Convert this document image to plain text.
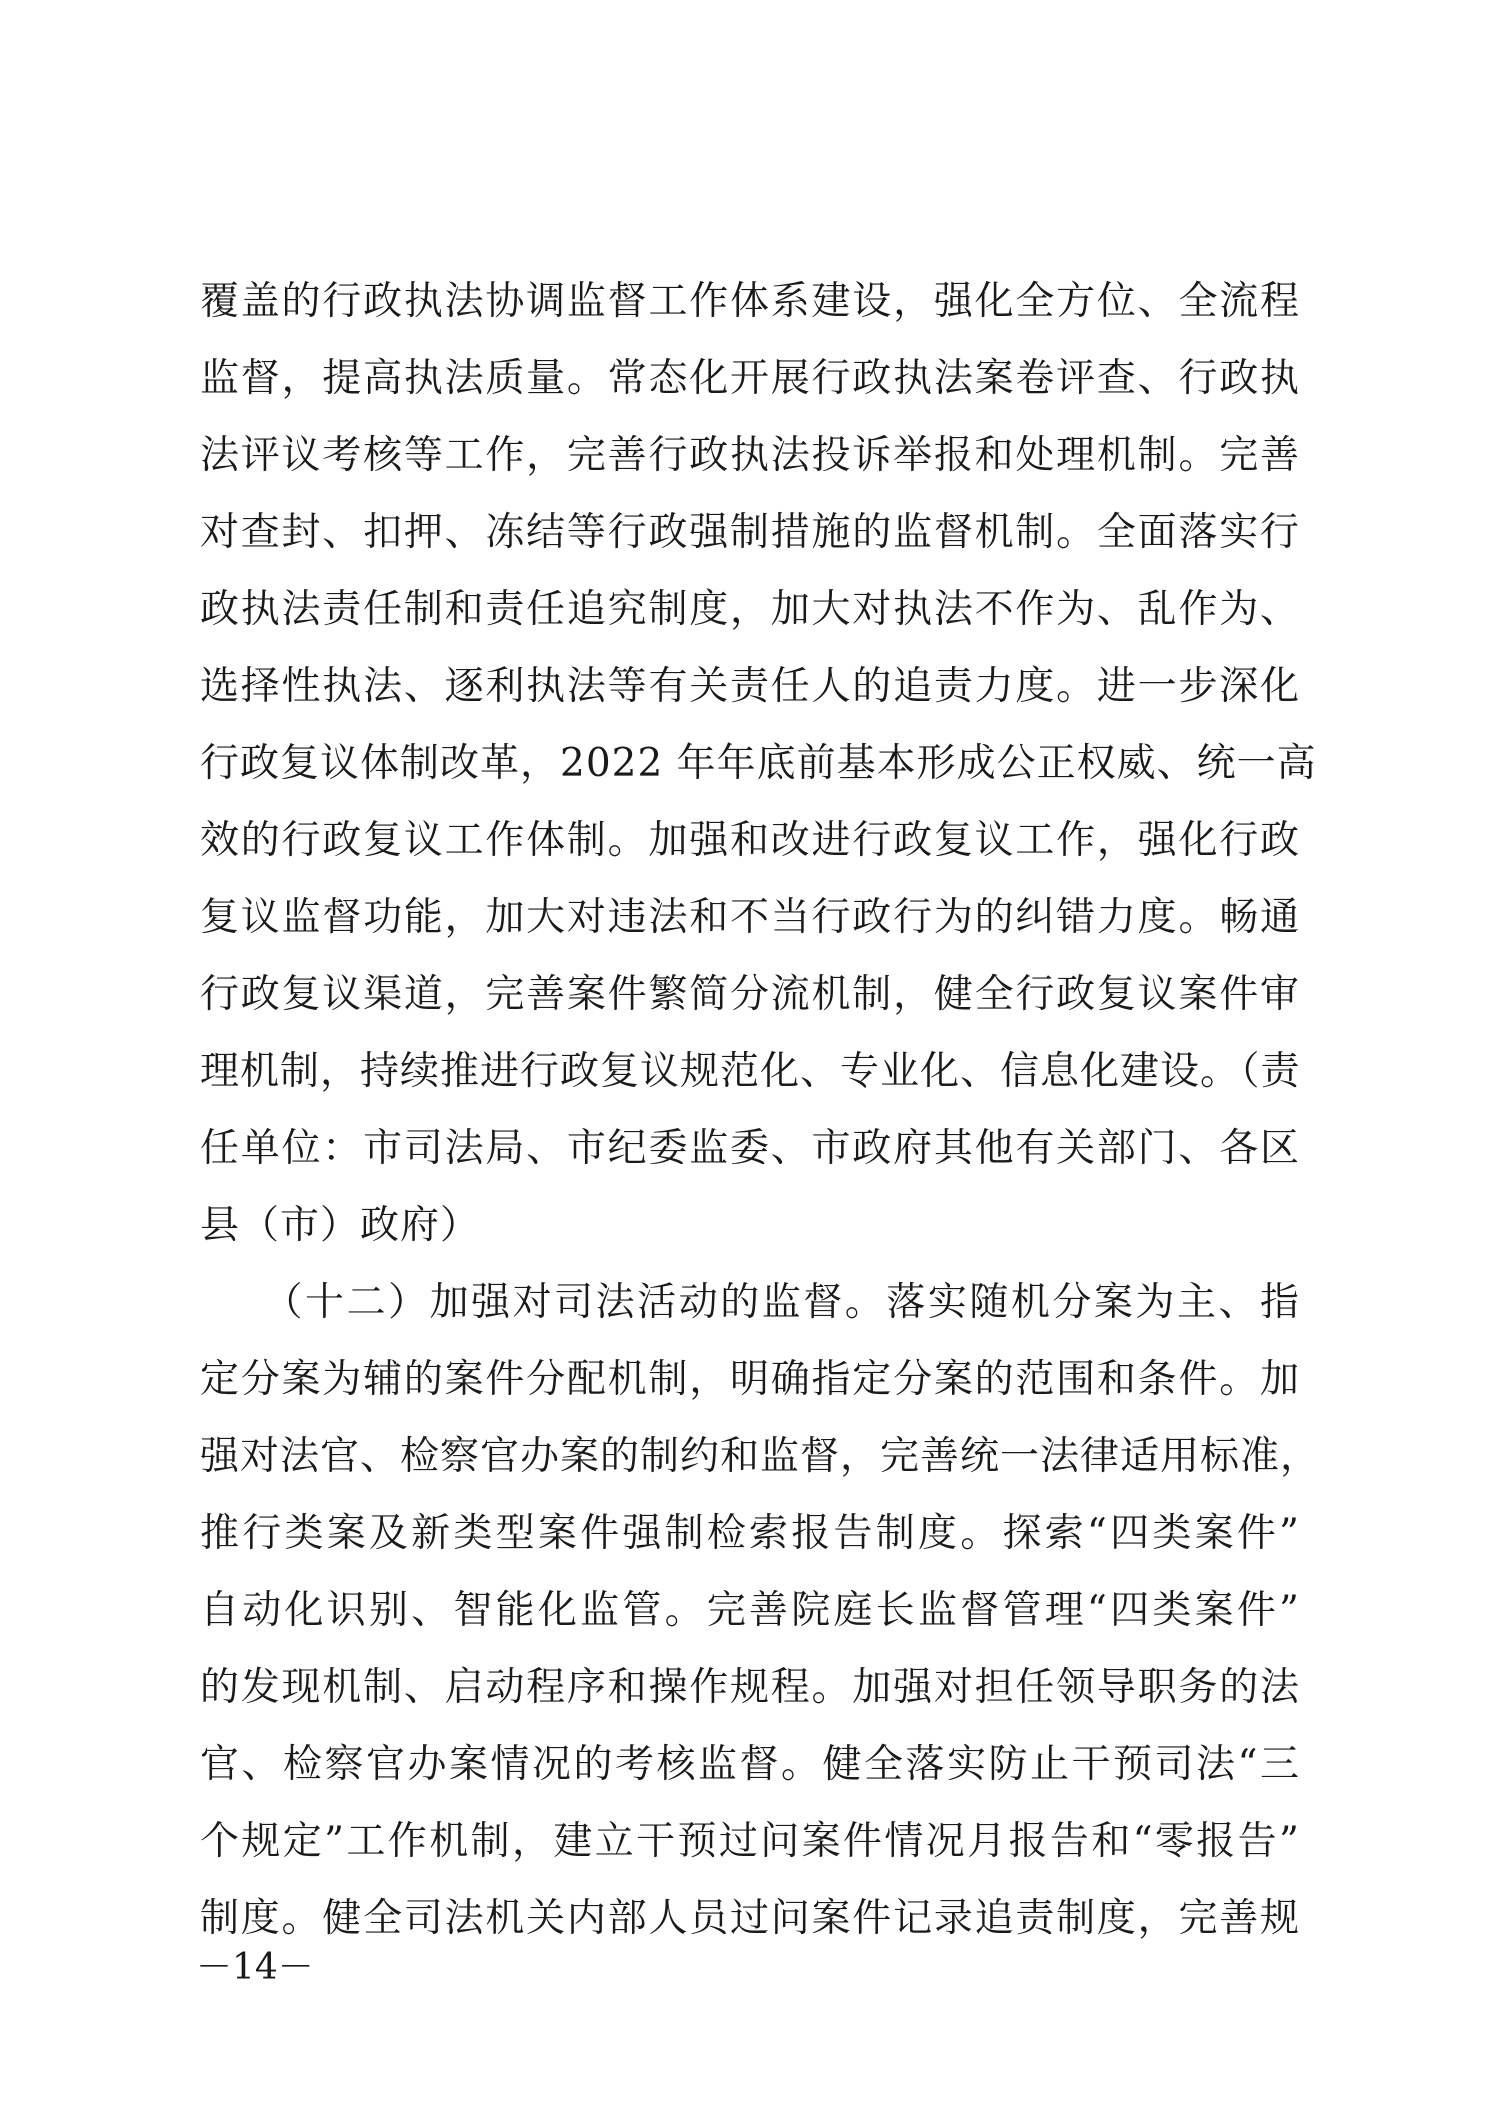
覆盖的行政执法协调监督工作体系建设，强化全方位、全流程
监督，提高执法质量。常态化开展行政执法案卷评查、行政执
法评议考核等工作，完善行政执法投诉举报和处理机制。完善
对查封、扣押、冻结等行政强制措施的监督机制。全面落实行
政执法责任制和责任追究制度，加大对执法不作为、乱作为、
选择性执法、逐利执法等有关责任人的追责力度。进一步深化
行政复议体制改革，2022 年年底前基本形成公正权威、统一高
效的行政复议工作体制。加强和改进行政复议工作，强化行政
复议监督功能，加大对违法和不当行政行为的纠错力度。畅通
行政复议渠道，完善案件繁简分流机制，健全行政复议案件审
理机制，持续推进行政复议规范化、专业化、信息化建设。（责
任单位：市司法局、市纪委监委、市政府其他有关部门、各区
县（市）政府）
　　（十二）加强对司法活动的监督。落实随机分案为主、指
定分案为辅的案件分配机制，明确指定分案的范围和条件。加
强对法官、检察官办案的制约和监督，完善统一法律适用标准，
推行类案及新类型案件强制检索报告制度。探索“四类案件”
自动化识别、智能化监管。完善院庭长监督管理“四类案件”
的发现机制、启动程序和操作规程。加强对担任领导职务的法
官、检察官办案情况的考核监督。健全落实防止干预司法“三
个规定”工作机制，建立干预过问案件情况月报告和“零报告”
制度。健全司法机关内部人员过问案件记录追责制度，完善规
－14－
